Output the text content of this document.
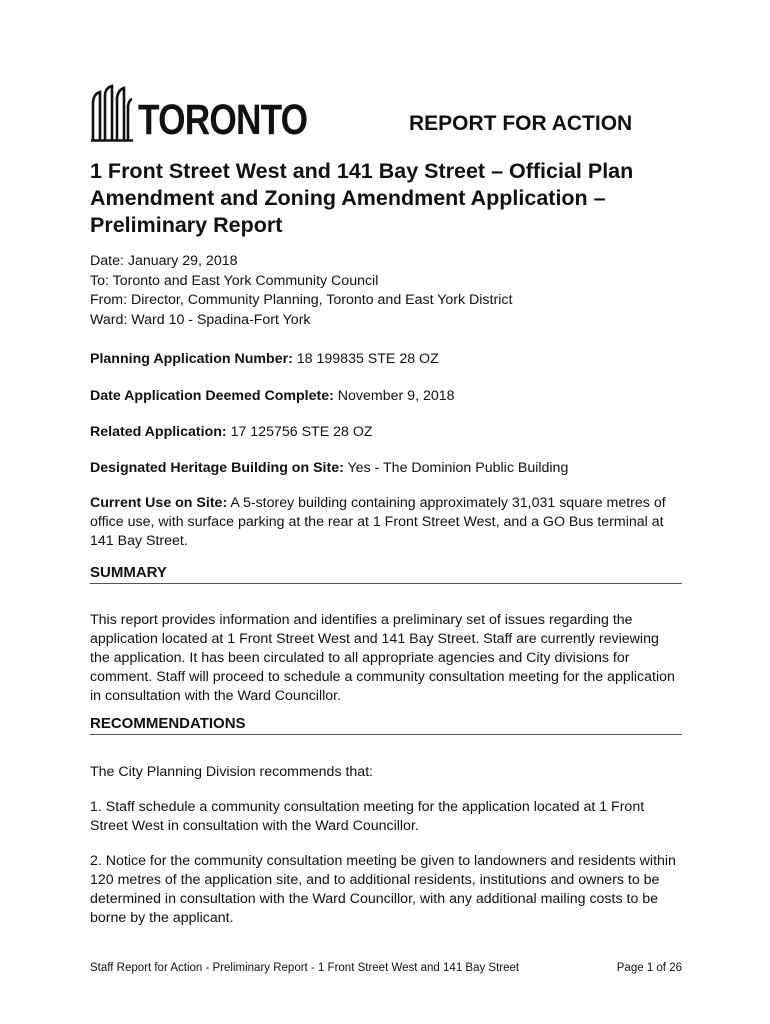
TORONTO	REPORT FOR ACTION
1 Front Street West and 141 Bay Street – Official Plan Amendment and Zoning Amendment Application – Preliminary Report
Date: January 29, 2018
To: Toronto and East York Community Council
From: Director, Community Planning, Toronto and East York District
Ward: Ward 10 - Spadina-Fort York
Planning Application Number: 18 199835 STE 28 OZ
Date Application Deemed Complete: November 9, 2018
Related Application: 17 125756 STE 28 OZ
Designated Heritage Building on Site: Yes - The Dominion Public Building
Current Use on Site: A 5-storey building containing approximately 31,031 square metres of office use, with surface parking at the rear at 1 Front Street West, and a GO Bus terminal at 141 Bay Street.
SUMMARY

This report provides information and identifies a preliminary set of issues regarding the application located at 1 Front Street West and 141 Bay Street. Staff are currently reviewing the application. It has been circulated to all appropriate agencies and City divisions for comment. Staff will proceed to schedule a community consultation meeting for the application in consultation with the Ward Councillor.

RECOMMENDATIONS

The City Planning Division recommends that:

1. Staff schedule a community consultation meeting for the application located at 1 Front Street West in consultation with the Ward Councillor.

2. Notice for the community consultation meeting be given to landowners and residents within 120 metres of the application site, and to additional residents, institutions and owners to be determined in consultation with the Ward Councillor, with any additional mailing costs to be borne by the applicant.

Staff Report for Action - Preliminary Report - 1 Front Street West and 141 Bay Street	Page 1 of 26
